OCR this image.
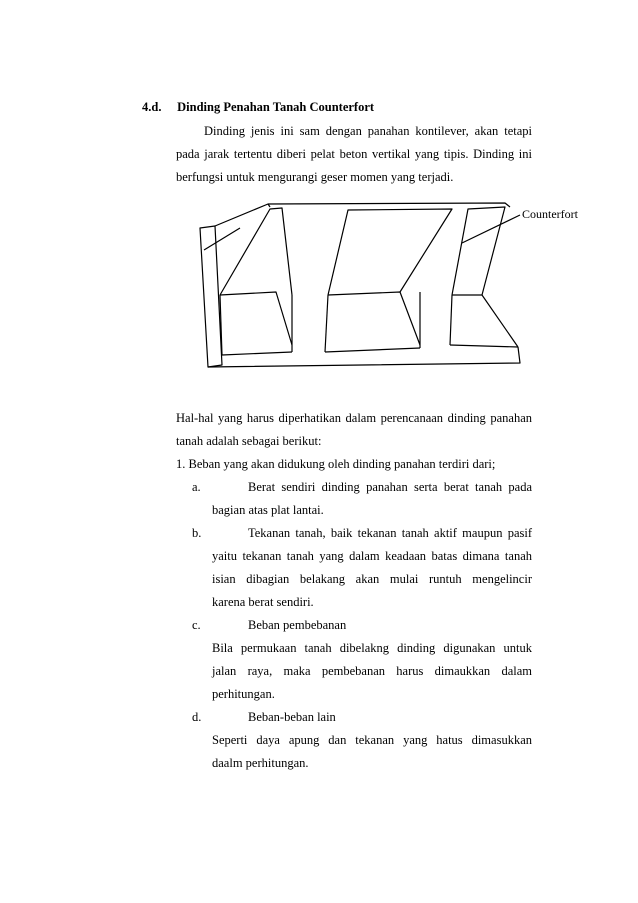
4.d. Dinding Penahan Tanah Counterfort
Dinding jenis ini sam dengan panahan kontilever, akan tetapi
pada jarak tertentu diberi pelat beton vertikal yang tipis. Dinding ini
berfungsi untuk mengurangi geser momen yang terjadi.
Counterfort
Hal-hal yang harus diperhatikan dalam perencanaan dinding panahan
tanah adalah sebagai berikut:
1. Beban yang akan didukung oleh dinding panahan terdiri dari;
a.	Berat sendiri dinding panahan serta berat tanah pada
bagian atas plat lantai.
b.	Tekanan tanah, baik tekanan tanah aktif maupun pasif
yaitu tekanan tanah yang dalam keadaan batas dimana tanah
isian dibagian belakang akan mulai runtuh mengelincir
karena berat sendiri.
c.	Beban pembebanan
Bila permukaan tanah dibelakng dinding digunakan untuk
jalan raya, maka pembebanan harus dimaukkan dalam
perhitungan.
d.	Beban-beban lain
Seperti daya apung dan tekanan yang hatus dimasukkan
daalm perhitungan.
